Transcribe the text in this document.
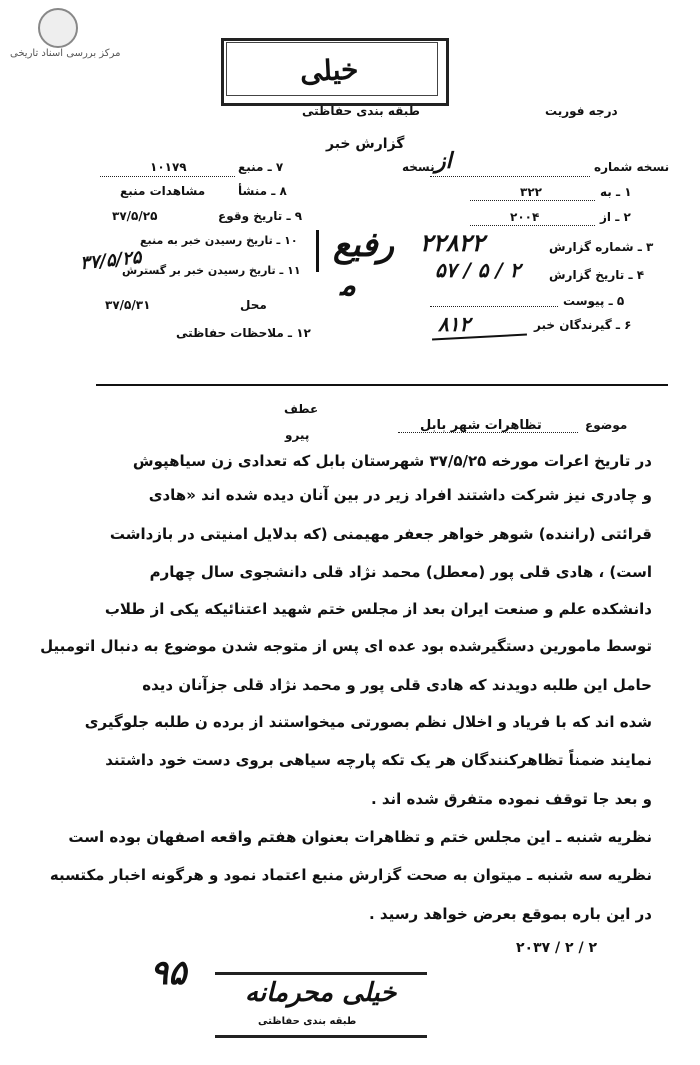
مرکز بررسی اسناد تاریخی	خیلی
طبقه بندی حفاظتی	درجه فوریت
گزارش خبر
نسخه شماره
از
نسخه
۱ ـ به
۳۲۲
۲ ـ از
۲۰۰۴
۳ ـ شماره گزارش
۲۲۸۲۲
۴ ـ تاریخ گزارش
۵۷ / ۵ / ۲
۵ ـ پیوست
۶ ـ گیرندگان خبر
۸۱۲
۷ ـ منبع
۱۰۱۷۹
۸ ـ منشأ
مشاهدات منبع
۹ ـ تاریخ وقوع
۳۷/۵/۲۵
۱۰ ـ تاریخ رسیدن خبر به منبع
۱۱ ـ تاریخ رسیدن خبر بر گسترش
۳۷/۵/۲۵
محل
۳۷/۵/۳۱
۱۲ ـ ملاحظات حفاظتی
ﺭﻓﻴﻊ
ﻣ
عطف
پیرو
موضوع
تظاهرات شهر بابل
در تاریخ اعرات مورخه ۳۷/۵/۲۵ شهرستان بابل که تعدادی زن سیاهپوش
و چادری نیز شرکت داشتند افراد زیر در بین آنان دیده شده اند «هادی
قرائتی (راننده) شوهر خواهر جعفر مهیمنی (که بدلایل امنیتی در بازداشت
است) ، هادی قلی پور (معطل) محمد نژاد قلی دانشجوی سال چهارم
دانشکده علم و صنعت ایران بعد از مجلس ختم شهید اعتنائیکه یکی از طلاب
توسط مامورین دستگیرشده بود عده ای پس از متوجه شدن موضوع به دنبال اتومبیل
حامل این طلبه دویدند که هادی قلی پور و محمد نژاد قلی جزآنان دیده
شده اند که با فریاد و اخلال نظم بصورتی میخواستند از برده ن طلبه جلوگیری
نمایند ضمناً تظاهرکنندگان هر یک تکه پارچه سیاهی بروی دست خود داشتند
و بعد جا توقف نموده متفرق شده اند .
نظریه شنبه ـ این مجلس ختم و تظاهرات بعنوان هفتم واقعه اصفهان بوده است
نظریه سه شنبه ـ میتوان به صحت گزارش منبع اعتماد نمود و هرگونه اخبار مکتسبه
در این باره بموقع بعرض خواهد رسید .
۲۰۳۷ / ۲ / ۲
۹۵ خیلی محرمانه
طبقه بندی حفاظتی
